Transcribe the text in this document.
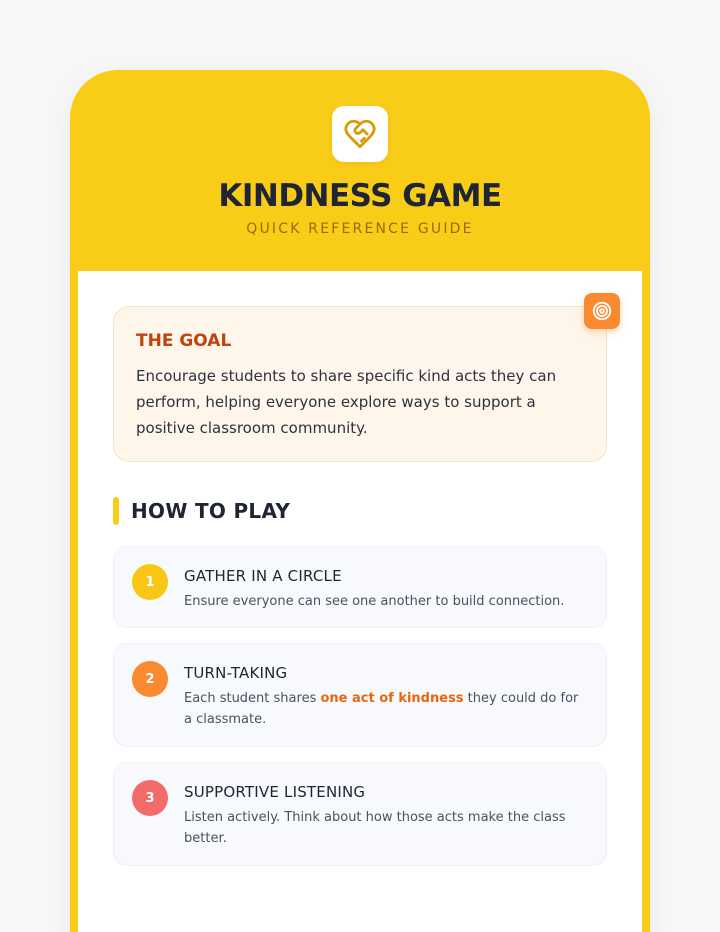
KINDNESS GAME
QUICK REFERENCE GUIDE
THE GOAL
Encourage students to share specific kind acts they can perform, helping everyone explore ways to support a positive classroom community.
HOW TO PLAY
1	GATHER IN A CIRCLE
Ensure everyone can see one another to build connection.
2	TURN-TAKING
Each student shares one act of kindness they could do for a classmate.
3	SUPPORTIVE LISTENING
Listen actively. Think about how those acts make the class better.
